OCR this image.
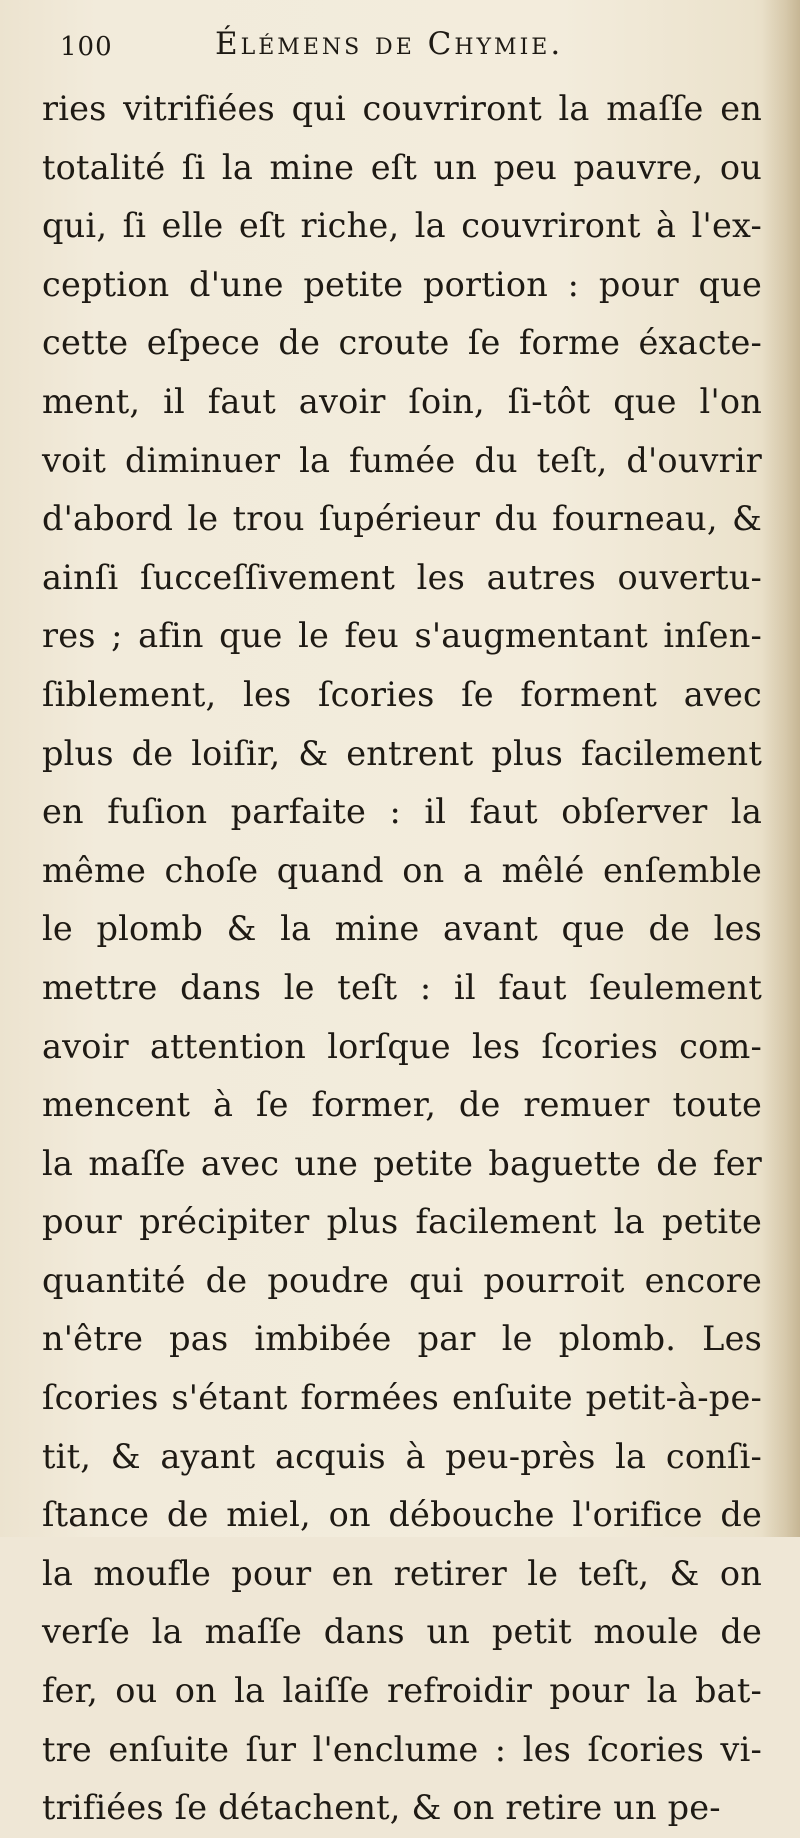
100	Élémens de Chymie.
ries vitrifiées qui couvriront la maſſe en
totalité ſi la mine eſt un peu pauvre, ou
qui, ſi elle eſt riche, la couvriront à l'ex-
ception d'une petite portion : pour que
cette eſpece de croute ſe forme éxacte-
ment, il faut avoir ſoin, ſi-tôt que l'on
voit diminuer la fumée du teſt, d'ouvrir
d'abord le trou ſupérieur du fourneau, &
ainſi ſucceſſivement les autres ouvertu-
res ; afin que le feu s'augmentant inſen-
ſiblement, les ſcories ſe forment avec
plus de loiſir, & entrent plus facilement
en fuſion parfaite : il faut obſerver la
même choſe quand on a mêlé enſemble
le plomb & la mine avant que de les
mettre dans le teſt : il faut ſeulement
avoir attention lorſque les ſcories com-
mencent à ſe former, de remuer toute
la maſſe avec une petite baguette de fer
pour précipiter plus facilement la petite
quantité de poudre qui pourroit encore
n'être pas imbibée par le plomb. Les
ſcories s'étant formées enſuite petit-à-pe-
tit, & ayant acquis à peu-près la conſi-
ſtance de miel, on débouche l'orifice de
la moufle pour en retirer le teſt, & on
verſe la maſſe dans un petit moule de
fer, ou on la laiſſe refroidir pour la bat-
tre enſuite ſur l'enclume : les ſcories vi-
trifiées ſe détachent, & on retire un pe-
